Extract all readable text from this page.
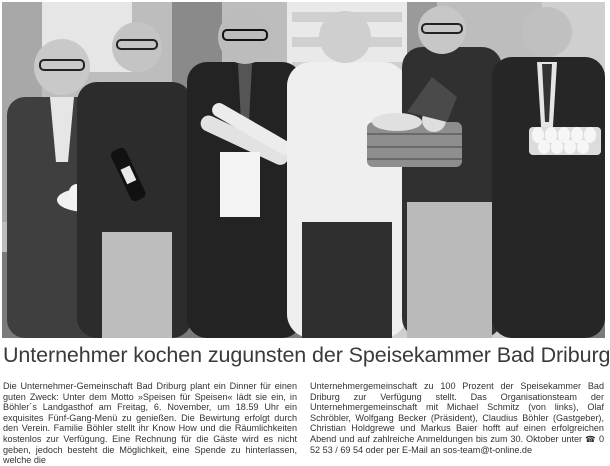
Unternehmer kochen zugunsten der Speisekammer Bad Driburg
Die Unternehmer-Gemeinschaft Bad Driburg plant ein Dinner für einen guten Zweck: Unter dem Motto »Speisen für Speisen« lädt sie ein, in Böhler´s Landgasthof am Freitag, 6. November, um 18.59 Uhr ein exquisites Fünf-Gang-Menü zu genießen. Die Bewirtung erfolgt durch den Verein. Familie Böhler stellt ihr Know How und die Räumlichkeiten kostenlos zur Verfügung. Eine Rechnung für die Gäste wird es nicht geben, jedoch besteht die Möglichkeit, eine Spende zu hinterlassen, welche die
Unternehmergemeinschaft zu 100 Prozent der Speisekammer Bad Driburg zur Verfügung stellt. Das Organisationsteam der Unternehmergemeinschaft mit Michael Schmitz (von links), Olaf Schröbler, Wolfgang Becker (Präsident), Claudius Böhler (Gastgeber), Christian Holdgrewe und Markus Baier hofft auf einen erfolgreichen Abend und auf zahlreiche Anmeldungen bis zum 30. Oktober unter ☎ 0 52 53 / 69 54 oder per E-Mail an sos-team@t-online.de
